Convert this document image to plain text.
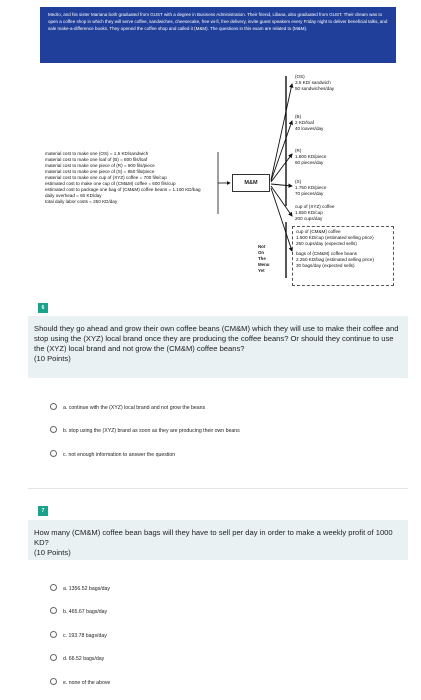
Medro, and his sister Mariana both graduated from GUST with a degree in Business Administration. Their friend, Liliana, also graduated from GUST. Their dream was to open a coffee shop in which they will serve coffee, sandwiches, cheesecake, free wi-fi, free delivery, invite guest speakers every Friday night to deliver beneficial talks, and sale make-a-difference books. They opened the coffee shop and called it (M&M). The questions in this exam are related to (M&M).
material cost to make one (OS) = 1.5 KD/sandwich
material cost to make one loaf of (B) = 800 fils/loaf
material cost to make one piece of (R) = 900 fils/piece
material cost to make one piece of (S) = 850 fils/piece
material cost to make one cup of (XYZ) coffee = 700 fils/cup
estimated cost to make one cup of (CM&M) coffee = 600 fils/cup
estimated cost to package one bag of (CM&M) coffee beans = 1.100 KD/bag
daily overhead = 60 KD/day
total daily labor costs = 250 KD/day
M&M
(OS)
3.5 KD/ sandwich
50 sandwiches/day
(B)
2 KD/loaf
40 loaves/day
(R)
1.800 KD/piece
60 pieces/day
(S)
1.750 KD/piece
70 pieces/day
cup of (XYZ) coffee
1.650 KD/cup
200 cups/day
Not
On
The
Menu
Yet
cup of (CM&M) coffee
1.500 KD/cup (estimated selling price)
250 cups/day (expected sells)
bags of (CM&M) coffee beans
2.250 KD/bag (estimated selling price)
30 bags/day (expected sells)
6
Should they go ahead and grow their own coffee beans (CM&M) which they will use to make their coffee and stop using the (XYZ) local brand once they are producing the coffee beans? Or should they continue to use the (XYZ) local brand and not grow the (CM&M) coffee beans?
(10 Points)
a. continue with the (XYZ) local brand and not grow the beans
b. stop using the (XYZ) brand as soon as they are producing their own beans
c. not enough information to answer the question
7
How many (CM&M) coffee bean bags will they have to sell per day in order to make a weekly profit of 1000 KD?
(10 Points)
a. 1356.52 bags/day
b. 465.67 bags/day
c. 193.78 bags/day
d. 66.52 bags/day
e. none of the above
